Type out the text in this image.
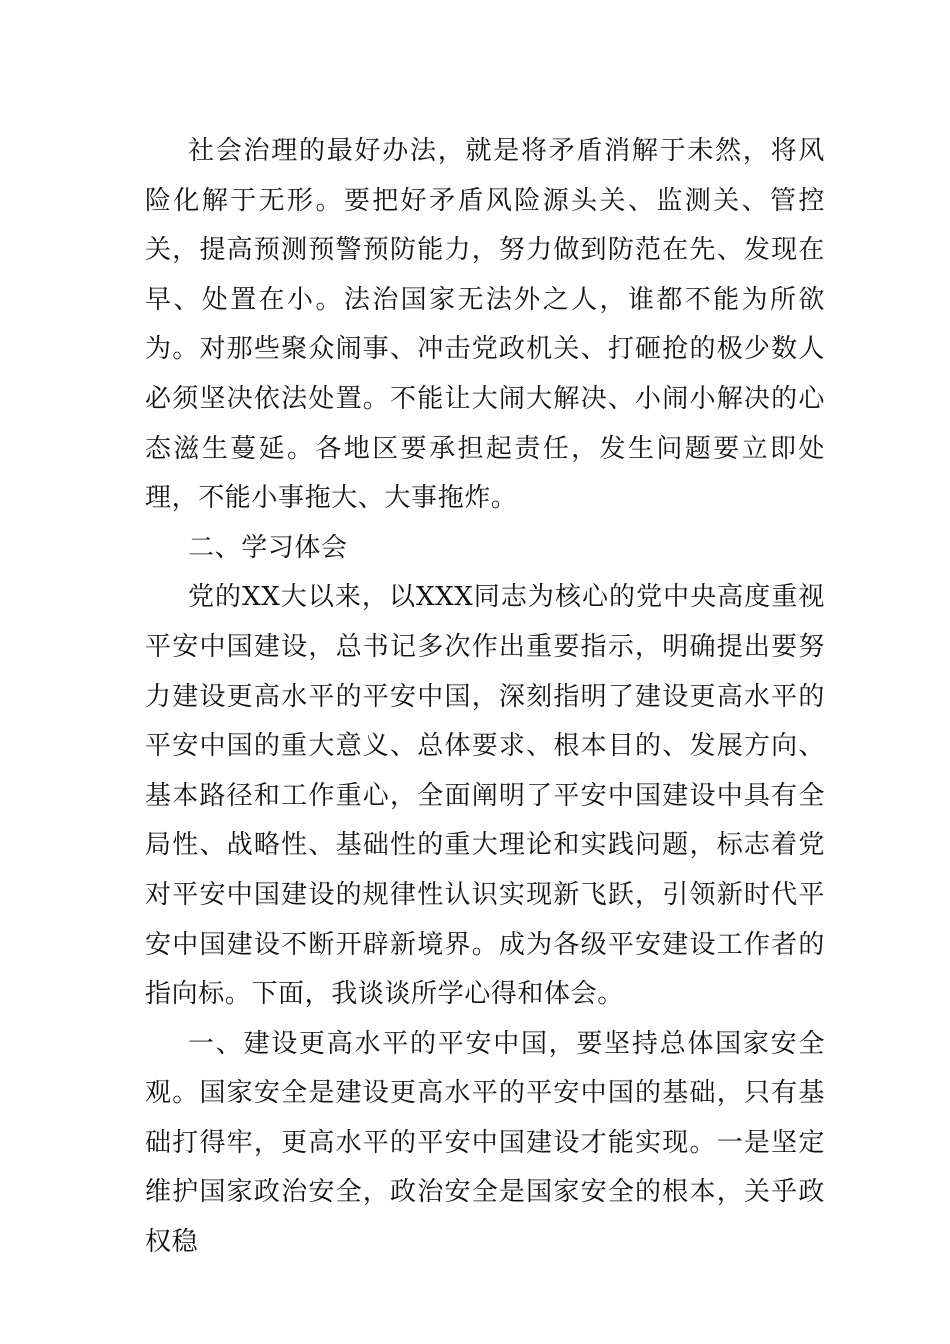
社会治理的最好办法，就是将矛盾消解于未然，将风险化解于无形。要把好矛盾风险源头关、监测关、管控关，提高预测预警预防能力，努力做到防范在先、发现在早、处置在小。法治国家无法外之人，谁都不能为所欲为。对那些聚众闹事、冲击党政机关、打砸抢的极少数人必须坚决依法处置。不能让大闹大解决、小闹小解决的心态滋生蔓延。各地区要承担起责任，发生问题要立即处理，不能小事拖大、大事拖炸。

二、学习体会

党的XX大以来，以XXX同志为核心的党中央高度重视平安中国建设，总书记多次作出重要指示，明确提出要努力建设更高水平的平安中国，深刻指明了建设更高水平的平安中国的重大意义、总体要求、根本目的、发展方向、基本路径和工作重心，全面阐明了平安中国建设中具有全局性、战略性、基础性的重大理论和实践问题，标志着党对平安中国建设的规律性认识实现新飞跃，引领新时代平安中国建设不断开辟新境界。成为各级平安建设工作者的指向标。下面，我谈谈所学心得和体会。

一、建设更高水平的平安中国，要坚持总体国家安全观。国家安全是建设更高水平的平安中国的基础，只有基础打得牢，更高水平的平安中国建设才能实现。一是坚定维护国家政治安全，政治安全是国家安全的根本，关乎政权稳
